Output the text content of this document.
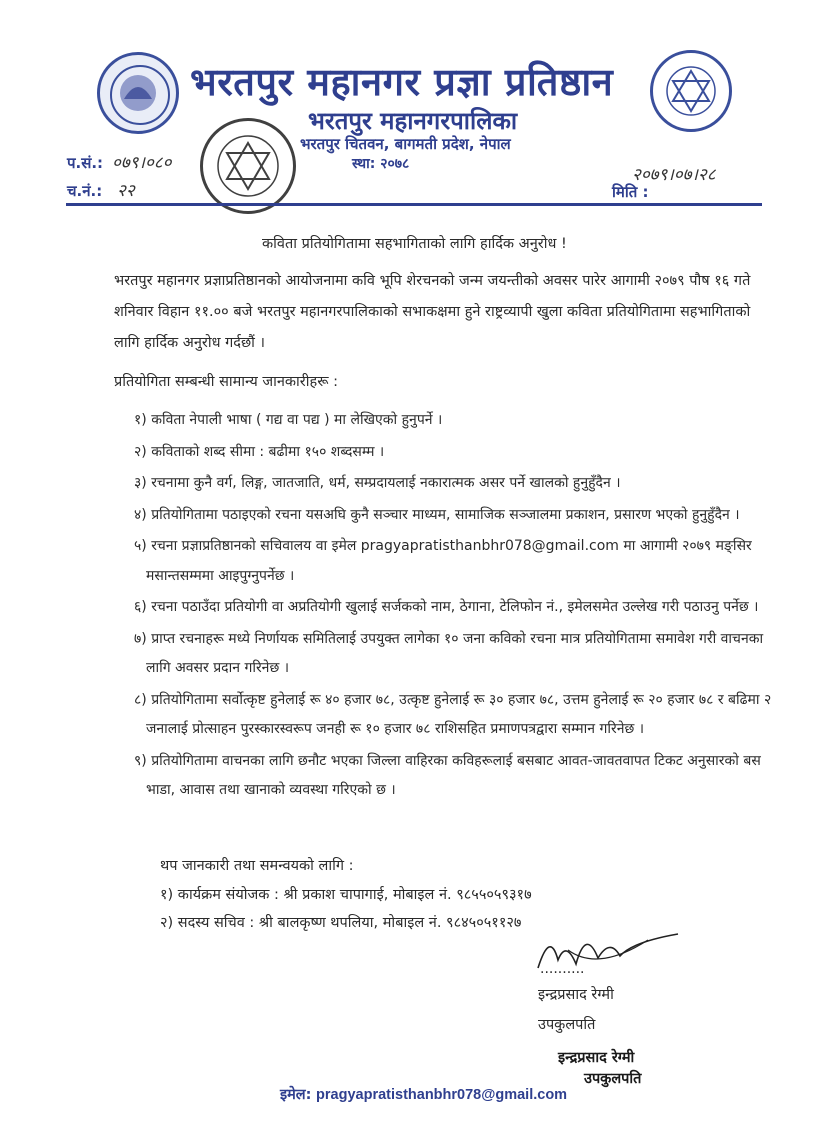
भरतपुर महानगर प्रज्ञा प्रतिष्ठान
भरतपुर महानगरपालिका
भरतपुर चितवन, बागमती प्रदेश, नेपाल
स्था: २०७८
प.सं.: ०७९।०८०
च.नं.: २२
२०७९।०७।२८
मिति :
कविता प्रतियोगितामा सहभागिताको लागि हार्दिक अनुरोध !
भरतपुर महानगर प्रज्ञाप्रतिष्ठानको आयोजनामा कवि भूपि शेरचनको जन्म जयन्तीको अवसर पारेर आगामी २०७९ पौष १६ गते शनिवार विहान ११.०० बजे भरतपुर महानगरपालिकाको सभाकक्षमा हुने राष्ट्रव्यापी खुला कविता प्रतियोगितामा सहभागिताको लागि हार्दिक अनुरोध गर्दछौं ।
प्रतियोगिता सम्बन्धी सामान्य जानकारीहरू :
१) कविता नेपाली भाषा ( गद्य वा पद्य ) मा लेखिएको हुनुपर्ने ।
२) कविताको शब्द सीमा : बढीमा १५० शब्दसम्म ।
३) रचनामा कुनै वर्ग, लिङ्ग, जातजाति, धर्म, सम्प्रदायलाई नकारात्मक असर पर्ने खालको हुनुहुँदैन ।
४) प्रतियोगितामा पठाइएको रचना यसअघि कुनै सञ्चार माध्यम, सामाजिक सञ्जालमा प्रकाशन, प्रसारण भएको हुनुहुँदैन ।
५) रचना प्रज्ञाप्रतिष्ठानको सचिवालय वा इमेल pragyapratisthanbhr078@gmail.com मा आगामी २०७९ मङ्सिर मसान्तसम्ममा आइपुग्नुपर्नेछ ।
६) रचना पठाउँदा प्रतियोगी वा अप्रतियोगी खुलाई सर्जकको नाम, ठेगाना, टेलिफोन नं., इमेलसमेत उल्लेख गरी पठाउनु पर्नेछ ।
७) प्राप्त रचनाहरू मध्ये निर्णायक समितिलाई उपयुक्त लागेका १० जना कविको रचना मात्र प्रतियोगितामा समावेश गरी वाचनका लागि अवसर प्रदान गरिनेछ ।
८) प्रतियोगितामा सर्वोत्कृष्ट हुनेलाई रू ४० हजार ७८, उत्कृष्ट हुनेलाई रू ३० हजार ७८, उत्तम हुनेलाई रू २० हजार ७८ र बढिमा २ जनालाई प्रोत्साहन पुरस्कारस्वरूप जनही रू १० हजार ७८ राशिसहित प्रमाणपत्रद्वारा सम्मान गरिनेछ ।
९) प्रतियोगितामा वाचनका लागि छनौट भएका जिल्ला वाहिरका कविहरूलाई बसबाट आवत-जावतवापत टिकट अनुसारको बस भाडा, आवास तथा खानाको व्यवस्था गरिएको छ ।
थप जानकारी तथा समन्वयको लागि :
१) कार्यक्रम संयोजक : श्री प्रकाश चापागाई, मोबाइल नं. ९८५५०५९३१७
२) सदस्य सचिव : श्री बालकृष्ण थपलिया, मोबाइल नं. ९८४५०५११२७
..........
इन्द्रप्रसाद रेग्मी
उपकुलपति
इन्द्रप्रसाद रेग्मी
उपकुलपति
इमेल: pragyapratisthanbhr078@gmail.com
